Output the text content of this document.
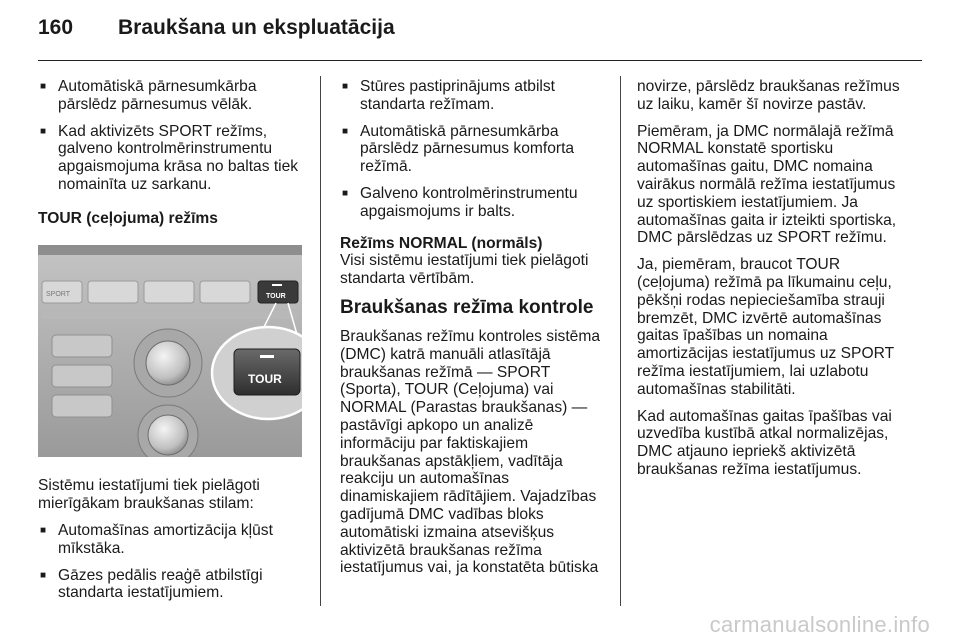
160 Braukšana un ekspluatācija
■ Automātiskā pārnesumkārba pārslēdz pārnesumus vēlāk.
■ Kad aktivizēts SPORT režīms, galveno kontrolmērinstrumentu apgaismojuma krāsa no baltas tiek nomainīta uz sarkanu.

TOUR (ceļojuma) režīms

SPORT	TOUR
TOUR

Sistēmu iestatījumi tiek pielāgoti mierīgākam braukšanas stilam:

■ Automašīnas amortizācija kļūst mīkstāka.
■ Gāzes pedālis reaģē atbilstīgi standarta iestatījumiem.
■ Stūres pastiprinājums atbilst standarta režīmam.
■ Automātiskā pārnesumkārba pārslēdz pārnesumus komforta režīmā.
■ Galveno kontrolmērinstrumentu apgaismojums ir balts.

Režīms NORMAL (normāls)

Visi sistēmu iestatījumi tiek pielāgoti standarta vērtībām.

Braukšanas režīma kontrole

Braukšanas režīmu kontroles sistēma (DMC) katrā manuāli atlasītājā braukšanas režīmā — SPORT (Sporta), TOUR (Ceļojuma) vai NORMAL (Parastas braukšanas) — pastāvīgi apkopo un analizē informāciju par faktiskajiem braukšanas apstākļiem, vadītāja reakciju un automašīnas dinamiskajiem rādītājiem. Vajadzības gadījumā DMC vadības bloks automātiski izmaina atsevišķus aktivizētā braukšanas režīma iestatījumus vai, ja konstatēta būtiska

novirze, pārslēdz braukšanas režīmus uz laiku, kamēr šī novirze pastāv.

Piemēram, ja DMC normālajā režīmā NORMAL konstatē sportisku automašīnas gaitu, DMC nomaina vairākus normālā režīma iestatījumus uz sportiskiem iestatījumiem. Ja automašīnas gaita ir izteikti sportiska, DMC pārslēdzas uz SPORT režīmu.

Ja, piemēram, braucot TOUR (ceļojuma) režīmā pa līkumainu ceļu, pēkšņi rodas nepieciešamība strauji bremzēt, DMC izvērtē automašīnas gaitas īpašības un nomaina amortizācijas iestatījumus uz SPORT režīma iestatījumiem, lai uzlabotu automašīnas stabilitāti.

Kad automašīnas gaitas īpašības vai uzvedība kustībā atkal normalizējas, DMC atjauno iepriekš aktivizētā braukšanas režīma iestatījumus.

carmanualsonline.info
